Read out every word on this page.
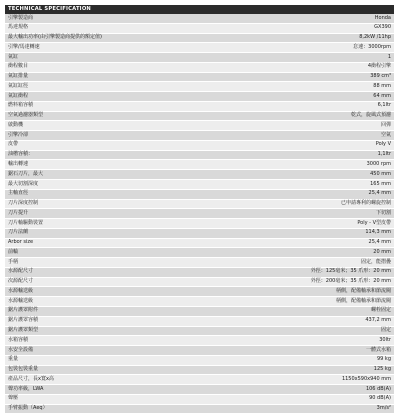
TECHNICAL SPECIFICATION
引擎製造商	Honda
馬達規格	GX390
最大輸出功率(由引擎製造商提供的額定值)	8,2kW /11hp
引擎/馬達轉速	怠速：3000rpm
氣缸	1
衝程數目	4衝程引擎
氣缸排量	389 cm³
氣缸缸徑	88 mm
氣缸衝程	64 mm
燃料箱容積	6,1ltr
空氣過濾器類型	乾式，旋風式預濾
啟動機	回彈
引擎冷卻	空氣
皮帶	Poly V
油槽容積：	1,1ltr
輸出轉速	3000 rpm
鋸石刀片，最大	450 mm
最大切割深度	165 mm
主軸直徑	25,4 mm
刀片深度控制	已申請專利的螺旋控制
刀片提升	下切割
刀片軸驅動裝置	Poly - V型皮帶
刀片法蘭	114,3 mm
Arbor size	25,4 mm
前輪	20 mm
手柄	固定，能摺疊
水源配尺寸	外徑：125毫米；35 爪形：20 mm
次源配尺寸	外徑：200毫米；35 爪形：20 mm
水源輸送級	柄側，配備軸承和節流閥
水源輸送級	柄側，配備軸承和節流閥
鋸片護罩附件	螺栓固定
鋸片護罩容積	437,2 mm
鋸片護罩類型	固定
水箱容積	30ltr
水安全設備	一體式水箱
重量	99 kg
包裝包裝重量	125 kg
產品尺寸，長x寬x高	1150x590x940 mm
聲功率級，LWA	106 dB(A)
聲壓	90 dB(A)
手臂振動（Aeq）	3m/s²
